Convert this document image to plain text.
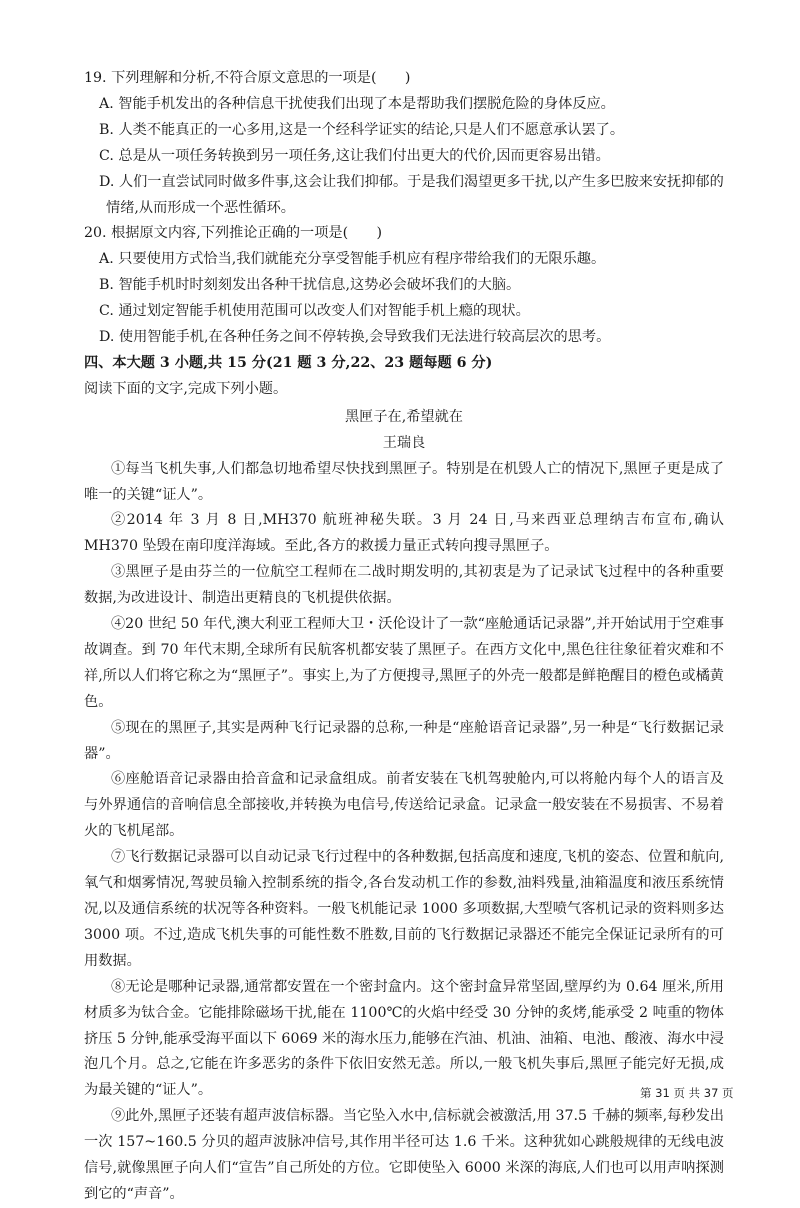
19. 下列理解和分析,不符合原文意思的一项是(　　)

A. 智能手机发出的各种信息干扰使我们出现了本是帮助我们摆脱危险的身体反应。

B. 人类不能真正的一心多用,这是一个经科学证实的结论,只是人们不愿意承认罢了。

C. 总是从一项任务转换到另一项任务,这让我们付出更大的代价,因而更容易出错。

D. 人们一直尝试同时做多件事,这会让我们抑郁。于是我们渴望更多干扰,以产生多巴胺来安抚抑郁的情绪,从而形成一个恶性循环。

20. 根据原文内容,下列推论正确的一项是(　　)

A. 只要使用方式恰当,我们就能充分享受智能手机应有程序带给我们的无限乐趣。

B. 智能手机时时刻刻发出各种干扰信息,这势必会破坏我们的大脑。

C. 通过划定智能手机使用范围可以改变人们对智能手机上瘾的现状。

D. 使用智能手机,在各种任务之间不停转换,会导致我们无法进行较高层次的思考。

四、本大题 3 小题,共 15 分(21 题 3 分,22、23 题每题 6 分)

阅读下面的文字,完成下列小题。

黑匣子在,希望就在

王瑞良

①每当飞机失事,人们都急切地希望尽快找到黑匣子。特别是在机毁人亡的情况下,黑匣子更是成了唯一的关键“证人”。

②2014 年 3 月 8 日,MH370 航班神秘失联。3 月 24 日,马来西亚总理纳吉布宣布,确认 MH370 坠毁在南印度洋海域。至此,各方的救援力量正式转向搜寻黑匣子。

③黑匣子是由芬兰的一位航空工程师在二战时期发明的,其初衷是为了记录试飞过程中的各种重要数据,为改进设计、制造出更精良的飞机提供依据。

④20 世纪 50 年代,澳大利亚工程师大卫・沃伦设计了一款“座舱通话记录器”,并开始试用于空难事故调查。到 70 年代末期,全球所有民航客机都安装了黑匣子。在西方文化中,黑色往往象征着灾难和不祥,所以人们将它称之为“黑匣子”。事实上,为了方便搜寻,黑匣子的外壳一般都是鲜艳醒目的橙色或橘黄色。

⑤现在的黑匣子,其实是两种飞行记录器的总称,一种是“座舱语音记录器”,另一种是“飞行数据记录器”。

⑥座舱语音记录器由拾音盒和记录盒组成。前者安装在飞机驾驶舱内,可以将舱内每个人的语言及与外界通信的音响信息全部接收,并转换为电信号,传送给记录盒。记录盒一般安装在不易损害、不易着火的飞机尾部。

⑦飞行数据记录器可以自动记录飞行过程中的各种数据,包括高度和速度,飞机的姿态、位置和航向,氧气和烟雾情况,驾驶员输入控制系统的指令,各台发动机工作的参数,油料残量,油箱温度和液压系统情况,以及通信系统的状况等各种资料。一般飞机能记录 1000 多项数据,大型喷气客机记录的资料则多达 3000 项。不过,造成飞机失事的可能性数不胜数,目前的飞行数据记录器还不能完全保证记录所有的可用数据。

⑧无论是哪种记录器,通常都安置在一个密封盒内。这个密封盒异常坚固,壁厚约为 0.64 厘米,所用材质多为钛合金。它能排除磁场干扰,能在 1100℃的火焰中经受 30 分钟的炙烤,能承受 2 吨重的物体挤压 5 分钟,能承受海平面以下 6069 米的海水压力,能够在汽油、机油、油箱、电池、酸液、海水中浸泡几个月。总之,它能在许多恶劣的条件下依旧安然无恙。所以,一般飞机失事后,黑匣子能完好无损,成为最关键的“证人”。

⑨此外,黑匣子还装有超声波信标器。当它坠入水中,信标就会被激活,用 37.5 千赫的频率,每秒发出一次 157~160.5 分贝的超声波脉冲信号,其作用半径可达 1.6 千米。这种犹如心跳般规律的无线电波信号,就像黑匣子向人们“宣告”自己所处的方位。它即使坠入 6000 米深的海底,人们也可以用声呐探测到它的“声音”。

第 31 页 共 37 页
